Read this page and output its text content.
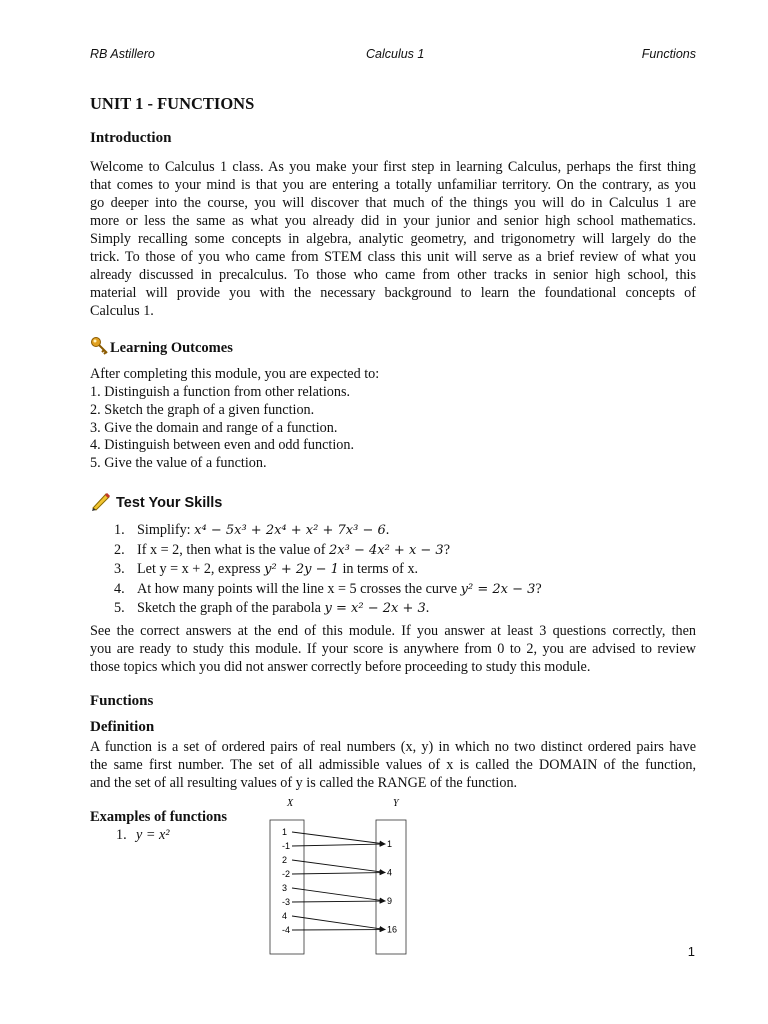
RB Astillero	Calculus 1	Functions
UNIT 1 - FUNCTIONS
Introduction
Welcome to Calculus 1 class. As you make your first step in learning Calculus, perhaps the first thing
that comes to your mind is that you are entering a totally unfamiliar territory. On the contrary, as you
go deeper into the course, you will discover that much of the things you will do in Calculus 1 are
more or less the same as what you already did in your junior and senior high school mathematics.
Simply recalling some concepts in algebra, analytic geometry, and trigonometry will largely do the
trick. To those of you who came from STEM class this unit will serve as a brief review of what you
already discussed in precalculus. To those who came from other tracks in senior high school, this
material will provide you with the necessary background to learn the foundational concepts of
Calculus 1.
Learning Outcomes
After completing this module, you are expected to:
1. Distinguish a function from other relations.
2. Sketch the graph of a given function.
3. Give the domain and range of a function.
4. Distinguish between even and odd function.
5. Give the value of a function.
Test Your Skills
1. Simplify: x⁴ − 5x³ + 2x⁴ + x² + 7x³ − 6.
2. If x = 2, then what is the value of 2x³ − 4x² + x − 3?
3. Let y = x + 2, express y² + 2y − 1 in terms of x.
4. At how many points will the line x = 5 crosses the curve y² = 2x − 3?
5. Sketch the graph of the parabola y = x² − 2x + 3.
See the correct answers at the end of this module. If you answer at least 3 questions correctly, then
you are ready to study this module. If your score is anywhere from 0 to 2, you are advised to review
those topics which you did not answer correctly before proceeding to study this module.
Functions
Definition
A function is a set of ordered pairs of real numbers (x, y) in which no two distinct ordered pairs have
the same first number. The set of all admissible values of x is called the DOMAIN of the function,
and the set of all resulting values of y is called the RANGE of the function.
Examples of functions
1. y = x²
X	Y
1
-1
2
-2
3
-3
4
-4
1
4
9
16
1
